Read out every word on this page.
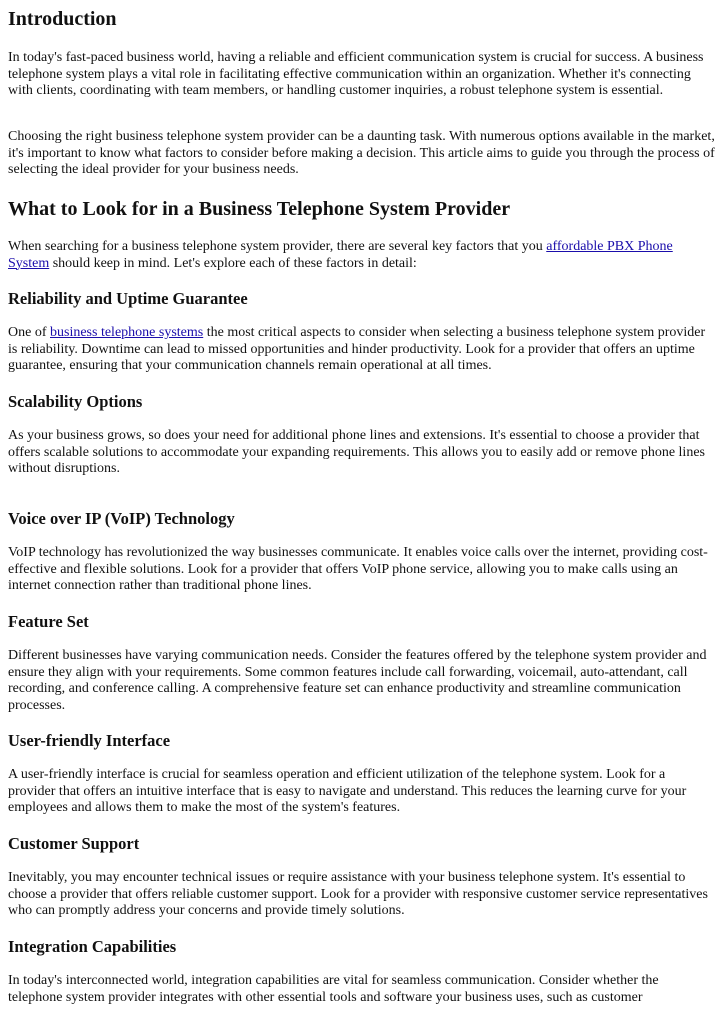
Introduction

In today's fast-paced business world, having a reliable and efficient communication system is crucial for success. A business telephone system plays a vital role in facilitating effective communication within an organization. Whether it's connecting with clients, coordinating with team members, or handling customer inquiries, a robust telephone system is essential.

Choosing the right business telephone system provider can be a daunting task. With numerous options available in the market, it's important to know what factors to consider before making a decision. This article aims to guide you through the process of selecting the ideal provider for your business needs.

What to Look for in a Business Telephone System Provider

When searching for a business telephone system provider, there are several key factors that you affordable PBX Phone System should keep in mind. Let's explore each of these factors in detail:

Reliability and Uptime Guarantee

One of business telephone systems the most critical aspects to consider when selecting a business telephone system provider is reliability. Downtime can lead to missed opportunities and hinder productivity. Look for a provider that offers an uptime guarantee, ensuring that your communication channels remain operational at all times.

Scalability Options

As your business grows, so does your need for additional phone lines and extensions. It's essential to choose a provider that offers scalable solutions to accommodate your expanding requirements. This allows you to easily add or remove phone lines without disruptions.

Voice over IP (VoIP) Technology

VoIP technology has revolutionized the way businesses communicate. It enables voice calls over the internet, providing cost-effective and flexible solutions. Look for a provider that offers VoIP phone service, allowing you to make calls using an internet connection rather than traditional phone lines.

Feature Set

Different businesses have varying communication needs. Consider the features offered by the telephone system provider and ensure they align with your requirements. Some common features include call forwarding, voicemail, auto-attendant, call recording, and conference calling. A comprehensive feature set can enhance productivity and streamline communication processes.

User-friendly Interface

A user-friendly interface is crucial for seamless operation and efficient utilization of the telephone system. Look for a provider that offers an intuitive interface that is easy to navigate and understand. This reduces the learning curve for your employees and allows them to make the most of the system's features.

Customer Support

Inevitably, you may encounter technical issues or require assistance with your business telephone system. It's essential to choose a provider that offers reliable customer support. Look for a provider with responsive customer service representatives who can promptly address your concerns and provide timely solutions.

Integration Capabilities

In today's interconnected world, integration capabilities are vital for seamless communication. Consider whether the telephone system provider integrates with other essential tools and software your business uses, such as customer
